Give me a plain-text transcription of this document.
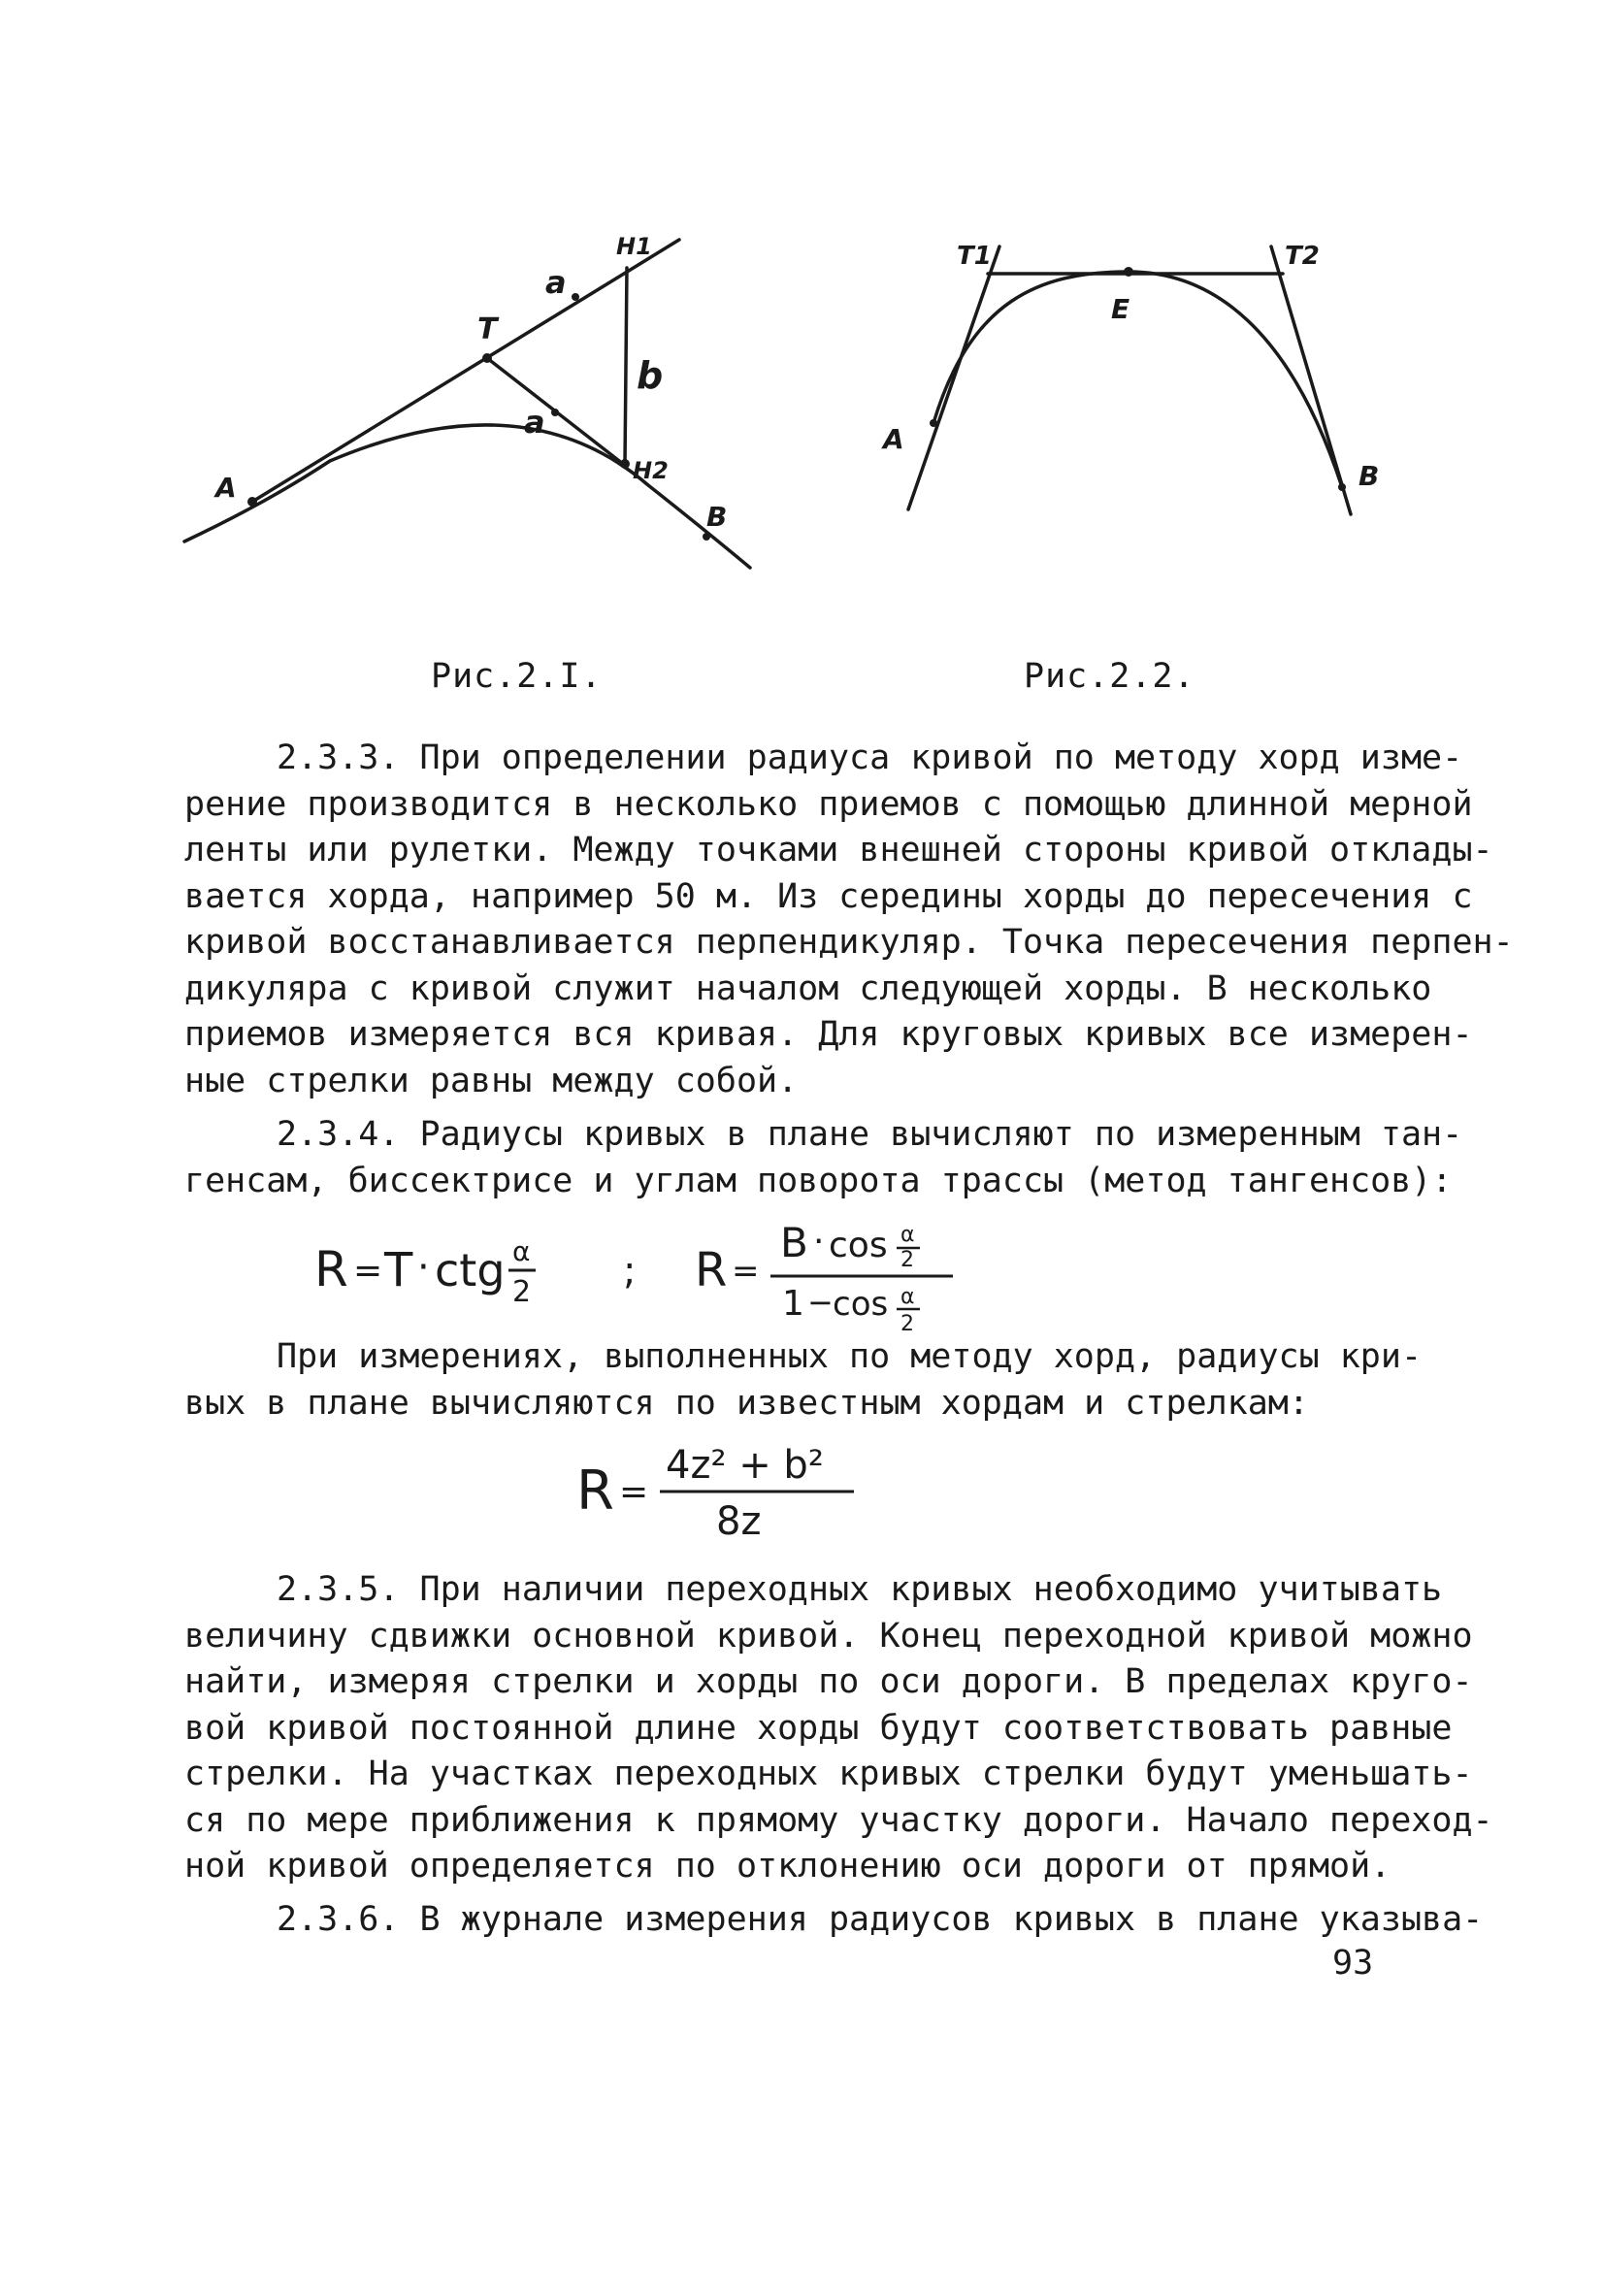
A
T
H1
a
a
b
H2
B
Рис.2.I.
T1	T2
E
A
B
Рис.2.2.
2.3.3. При определении радиуса кривой по методу хорд изме-
рение производится в несколько приемов с помощью длинной мерной
ленты или рулетки. Между точками внешней стороны кривой отклады-
вается хорда, например 50 м. Из середины хорды до пересечения с
кривой восстанавливается перпендикуляр. Точка пересечения перпен-
дикуляра с кривой служит началом следующей хорды. В несколько
приемов измеряется вся кривая. Для круговых кривых все измерен-
ные стрелки равны между собой.
2.3.4. Радиусы кривых в плане вычисляют по измеренным тан-
генсам, биссектрисе и углам поворота трассы (метод тангенсов):
R = T · ctg α
2 ; R =
B · cos α
2
1 − cos α
2
При измерениях, выполненных по методу хорд, радиусы кри-
вых в плане вычисляются по известным хордам и стрелкам:
R =
4z² + b²
8z
2.3.5. При наличии переходных кривых необходимо учитывать
величину сдвижки основной кривой. Конец переходной кривой можно
найти, измеряя стрелки и хорды по оси дороги. В пределах круго-
вой кривой постоянной длине хорды будут соответствовать равные
стрелки. На участках переходных кривых стрелки будут уменьшать-
ся по мере приближения к прямому участку дороги. Начало переход-
ной кривой определяется по отклонению оси дороги от прямой.
2.3.6. В журнале измерения радиусов кривых в плане указыва-
93
